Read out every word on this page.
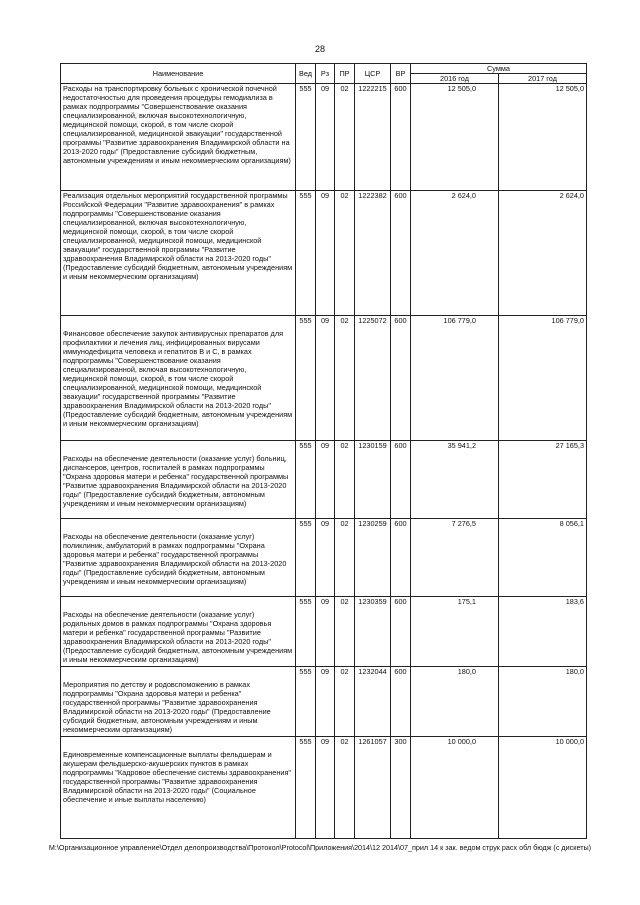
28
Наименование	Вед	Рз	ПР	ЦСР	ВР	Сумма	
						2016 год	2017 год
Расходы на транспортировку больных с хронической почечной недостаточностью для проведения процедуры гемодиализа в рамках подпрограммы "Совершенствование оказания специализированной, включая высокотехнологичную, медицинской помощи, скорой, в том числе скорой специализированной, медицинской эвакуации" государственной программы "Развитие здравоохранения Владимирской области на 2013-2020 годы" (Предоставление субсидий бюджетным, автономным учреждениям и иным некоммерческим организациям)	555	09	02	1222215	600	12 505,0	12 505,0
Реализация отдельных мероприятий государственной программы Российской Федерации "Развитие здравоохранения" в рамках подпрограммы "Совершенствование оказания специализированной, включая высокотехнологичную, медицинской помощи, скорой, в том числе скорой специализированной, медицинской помощи, медицинской эвакуации" государственной программы "Развитие здравоохранения Владимирской области на 2013-2020 годы" (Предоставление субсидий бюджетным, автономным учреждениям и иным некоммерческим организациям)	555	09	02	1222382	600	2 624,0	2 624,0
Финансовое обеспечение закупок антивирусных препаратов для профилактики и лечения лиц, инфицированных вирусами иммунодефицита человека и гепатитов В и С, в рамках подпрограммы "Совершенствование оказания специализированной, включая высокотехнологичную, медицинской помощи, скорой, в том числе скорой специализированной, медицинской помощи, медицинской эвакуации" государственной программы "Развитие здравоохранения Владимирской области на 2013-2020 годы" (Предоставление субсидий бюджетным, автономным учреждениям и иным некоммерческим организациям)	555	09	02	1225072	600	106 779,0	106 779,0
Расходы на обеспечение деятельности (оказание услуг) больниц, диспансеров, центров, госпиталей в рамках подпрограммы "Охрана здоровья матери и ребенка" государственной программы "Развитие здравоохранения Владимирской области на 2013-2020 годы" (Предоставление субсидий бюджетным, автономным учреждениям и иным некоммерческим организациям)	555	09	02	1230159	600	35 941,2	27 165,3
Расходы на обеспечение деятельности (оказание услуг) поликлиник, амбулаторий в рамках подпрограммы "Охрана здоровья матери и ребенка" государственной программы "Развитие здравоохранения Владимирской области на 2013-2020 годы" (Предоставление субсидий бюджетным, автономным учреждениям и иным некоммерческим организациям)	555	09	02	1230259	600	7 276,5	8 056,1
Расходы на обеспечение деятельности (оказание услуг) родильных домов в рамках подпрограммы "Охрана здоровья матери и ребенка" государственной программы "Развитие здравоохранения Владимирской области на 2013-2020 годы" (Предоставление субсидий бюджетным, автономным учреждениям и иным некоммерческим организациям)	555	09	02	1230359	600	175,1	183,6
Мероприятия по детству и родовспоможению в рамках подпрограммы "Охрана здоровья матери и ребенка" государственной программы "Развитие здравоохранения Владимирской области на 2013-2020 годы" (Предоставление субсидий бюджетным, автономным учреждениям и иным некоммерческим организациям)	555	09	02	1232044	600	180,0	180,0
Единовременные компенсационные выплаты фельдшерам и акушерам фельдшерско-акушерских пунктов в рамках подпрограммы "Кадровое обеспечение системы здравоохранения" государственной программы "Развитие здравоохранения Владимирской области на 2013-2020 годы" (Социальное обеспечение и иные выплаты населению)	555	09	02	1261057	300	10 000,0	10 000,0
M:\Организационное управление\Отдел делопроизводства\Протокол\Protocol\Приложения\2014\12 2014\07_прил 14 к зак. ведом струк расх обл бюдж (с дискеты)
